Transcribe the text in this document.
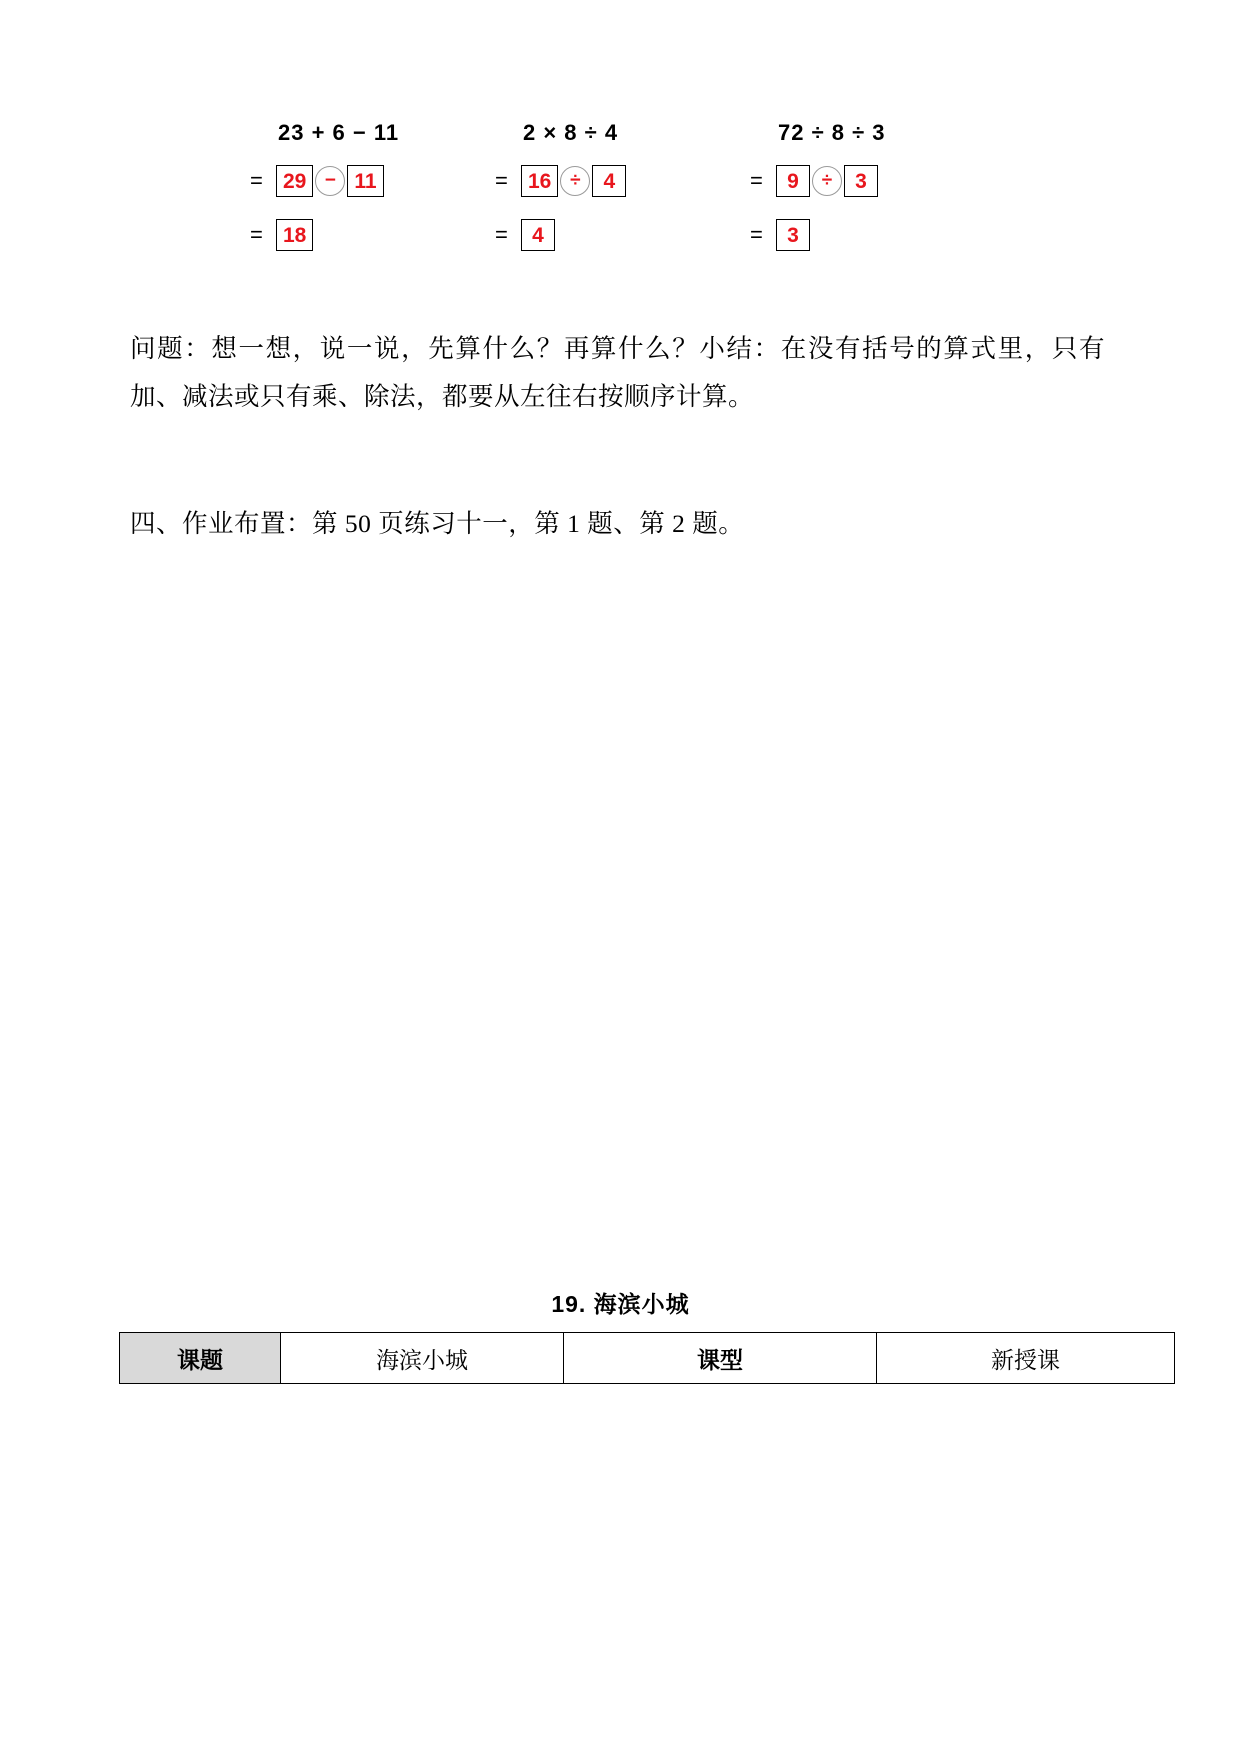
23 + 6 − 11
= 29 − 11
= 18
2 × 8 ÷ 4
= 16 ÷	4
=	4
72 ÷ 8 ÷ 3
=	9	÷	3
=	3
问题：想一想，说一说，先算什么？再算什么？小结：在没有括号的算式里，只有加、减法或只有乘、除法，都要从左往右按顺序计算。
四、作业布置：第 50 页练习十一，第 1 题、第 2 题。
19. 海滨小城
课题	海滨小城	课型	新授课
